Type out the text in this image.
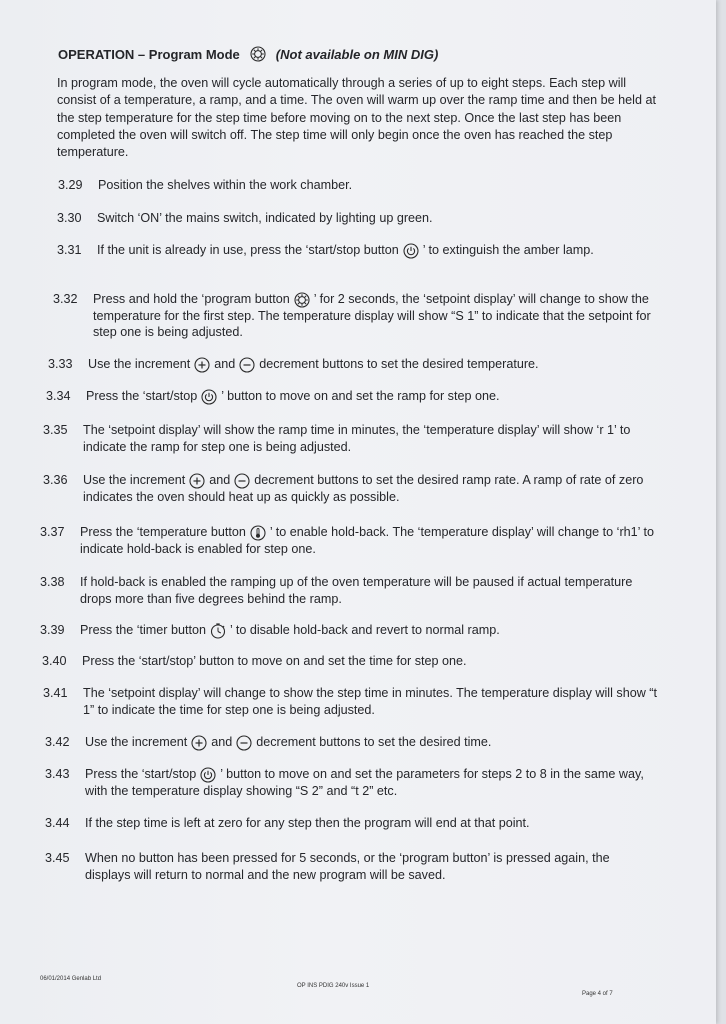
OPERATION – Program Mode	(Not available on MIN DIG)

In program mode, the oven will cycle automatically through a series of up to eight steps. Each step will consist of a temperature, a ramp, and a time. The oven will warm up over the ramp time and then be held at the step temperature for the step time before moving on to the next step. Once the last step has been completed the oven will switch off. The step time will only begin once the oven has reached the step temperature.

3.29	Position the shelves within the work chamber.
3.30	Switch ‘ON’ the mains switch, indicated by lighting up green.
3.31	If the unit is already in use, press the ‘start/stop button ’ to extinguish the amber lamp.
3.32	Press and hold the ‘program button ’ for 2 seconds, the ‘setpoint display’ will change to show the temperature for the first step. The temperature display will show “S 1” to indicate that the setpoint for step one is being adjusted.
3.33	Use the increment and decrement buttons to set the desired temperature.
3.34	Press the ‘start/stop ’ button to move on and set the ramp for step one.
3.35	The ‘setpoint display’ will show the ramp time in minutes, the ‘temperature display’ will show ‘r 1’ to indicate the ramp for step one is being adjusted.
3.36	Use the increment and decrement buttons to set the desired ramp rate. A ramp of rate of zero indicates the oven should heat up as quickly as possible.
3.37	Press the ‘temperature button ’ to enable hold-back. The ‘temperature display’ will change to ‘rh1’ to indicate hold-back is enabled for step one.
3.38	If hold-back is enabled the ramping up of the oven temperature will be paused if actual temperature drops more than five degrees behind the ramp.
3.39	Press the ‘timer button ’ to disable hold-back and revert to normal ramp.
3.40	Press the ‘start/stop’ button to move on and set the time for step one.
3.41	The ‘setpoint display’ will change to show the step time in minutes. The temperature display will show “t 1” to indicate the time for step one is being adjusted.
3.42	Use the increment and decrement buttons to set the desired time.
3.43	Press the ‘start/stop ’ button to move on and set the parameters for steps 2 to 8 in the same way, with the temperature display showing “S 2” and “t 2” etc.
3.44	If the step time is left at zero for any step then the program will end at that point.
3.45	When no button has been pressed for 5 seconds, or the ‘program button’ is pressed again, the displays will return to normal and the new program will be saved.
06/01/2014 Genlab Ltd
OP INS PDIG 240v Issue 1
Page 4 of 7
